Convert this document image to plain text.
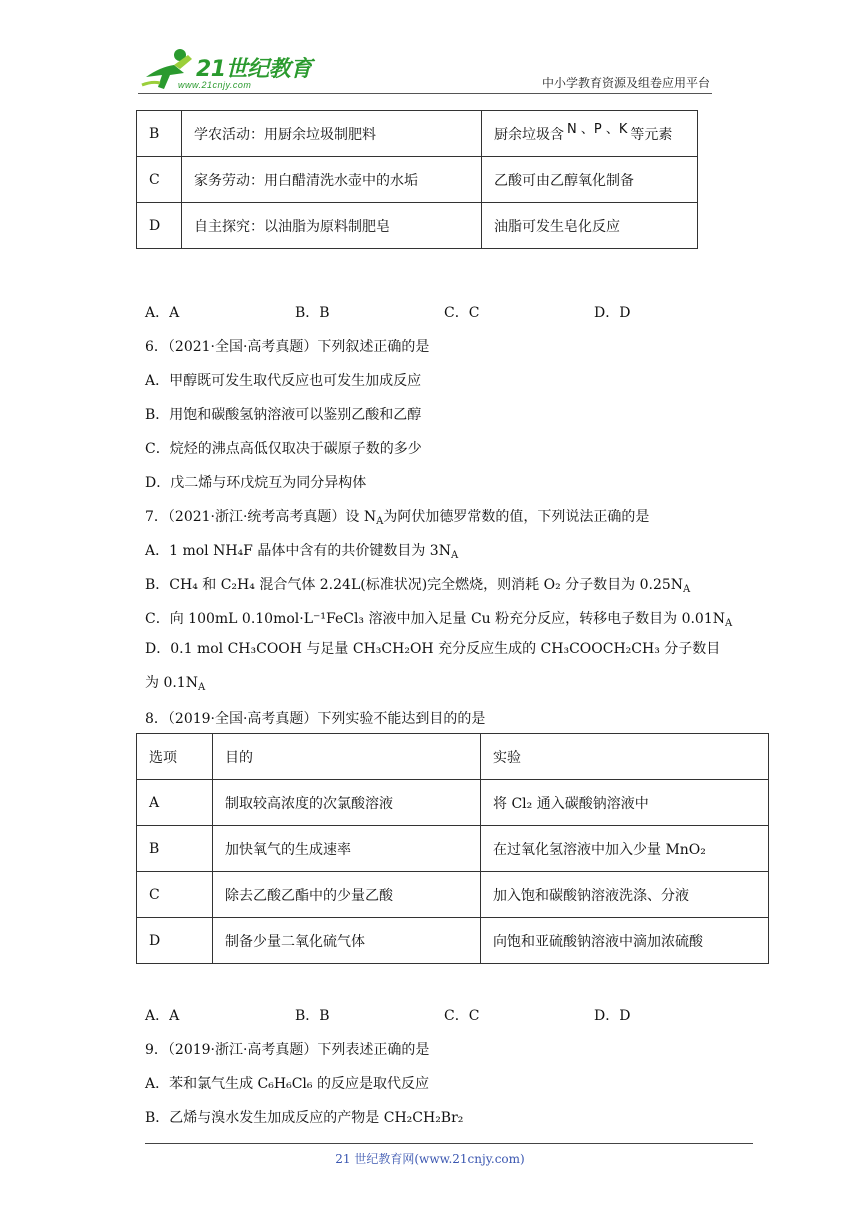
21世纪教育
www.21cnjy.com	中小学教育资源及组卷应用平台
B	学农活动：用厨余垃圾制肥料	厨余垃圾含 N 、P 、K 等元素
C	家务劳动：用白醋清洗水壶中的水垢	乙酸可由乙醇氧化制备
D	自主探究：以油脂为原料制肥皂	油脂可发生皂化反应
A．A	B．B	C．C	D．D
6．（2021·全国·高考真题）下列叙述正确的是
A．甲醇既可发生取代反应也可发生加成反应
B．用饱和碳酸氢钠溶液可以鉴别乙酸和乙醇
C．烷烃的沸点高低仅取决于碳原子数的多少
D．戊二烯与环戊烷互为同分异构体
7．（2021·浙江·统考高考真题）设 $N_A$为阿伏加德罗常数的值，下列说法正确的是
A．1 mol NH₄F 晶体中含有的共价键数目为 $3N_A$
B．CH₄ 和 C₂H₄ 混合气体 2.24L(标准状况)完全燃烧，则消耗 O₂ 分子数目为 $0.25N_A$
C．向 100mL 0.10mol·L⁻¹FeCl₃ 溶液中加入足量 Cu 粉充分反应，转移电子数目为 $0.01N_A$
D．0.1 mol CH₃COOH 与足量 CH₃CH₂OH 充分反应生成的 CH₃COOCH₂CH₃ 分子数目为 $0.1N_A$
8．（2019·全国·高考真题）下列实验不能达到目的的是
选项	目的	实验
A	制取较高浓度的次氯酸溶液	将 Cl₂ 通入碳酸钠溶液中
B	加快氧气的生成速率	在过氧化氢溶液中加入少量 MnO₂
C	除去乙酸乙酯中的少量乙酸	加入饱和碳酸钠溶液洗涤、分液
D	制备少量二氧化硫气体	向饱和亚硫酸钠溶液中滴加浓硫酸
A．A	B．B	C．C	D．D
9．（2019·浙江·高考真题）下列表述正确的是
A．苯和氯气生成 C₆H₆Cl₆ 的反应是取代反应
B．乙烯与溴水发生加成反应的产物是 CH₂CH₂Br₂
21 世纪教育网(www.21cnjy.com)
